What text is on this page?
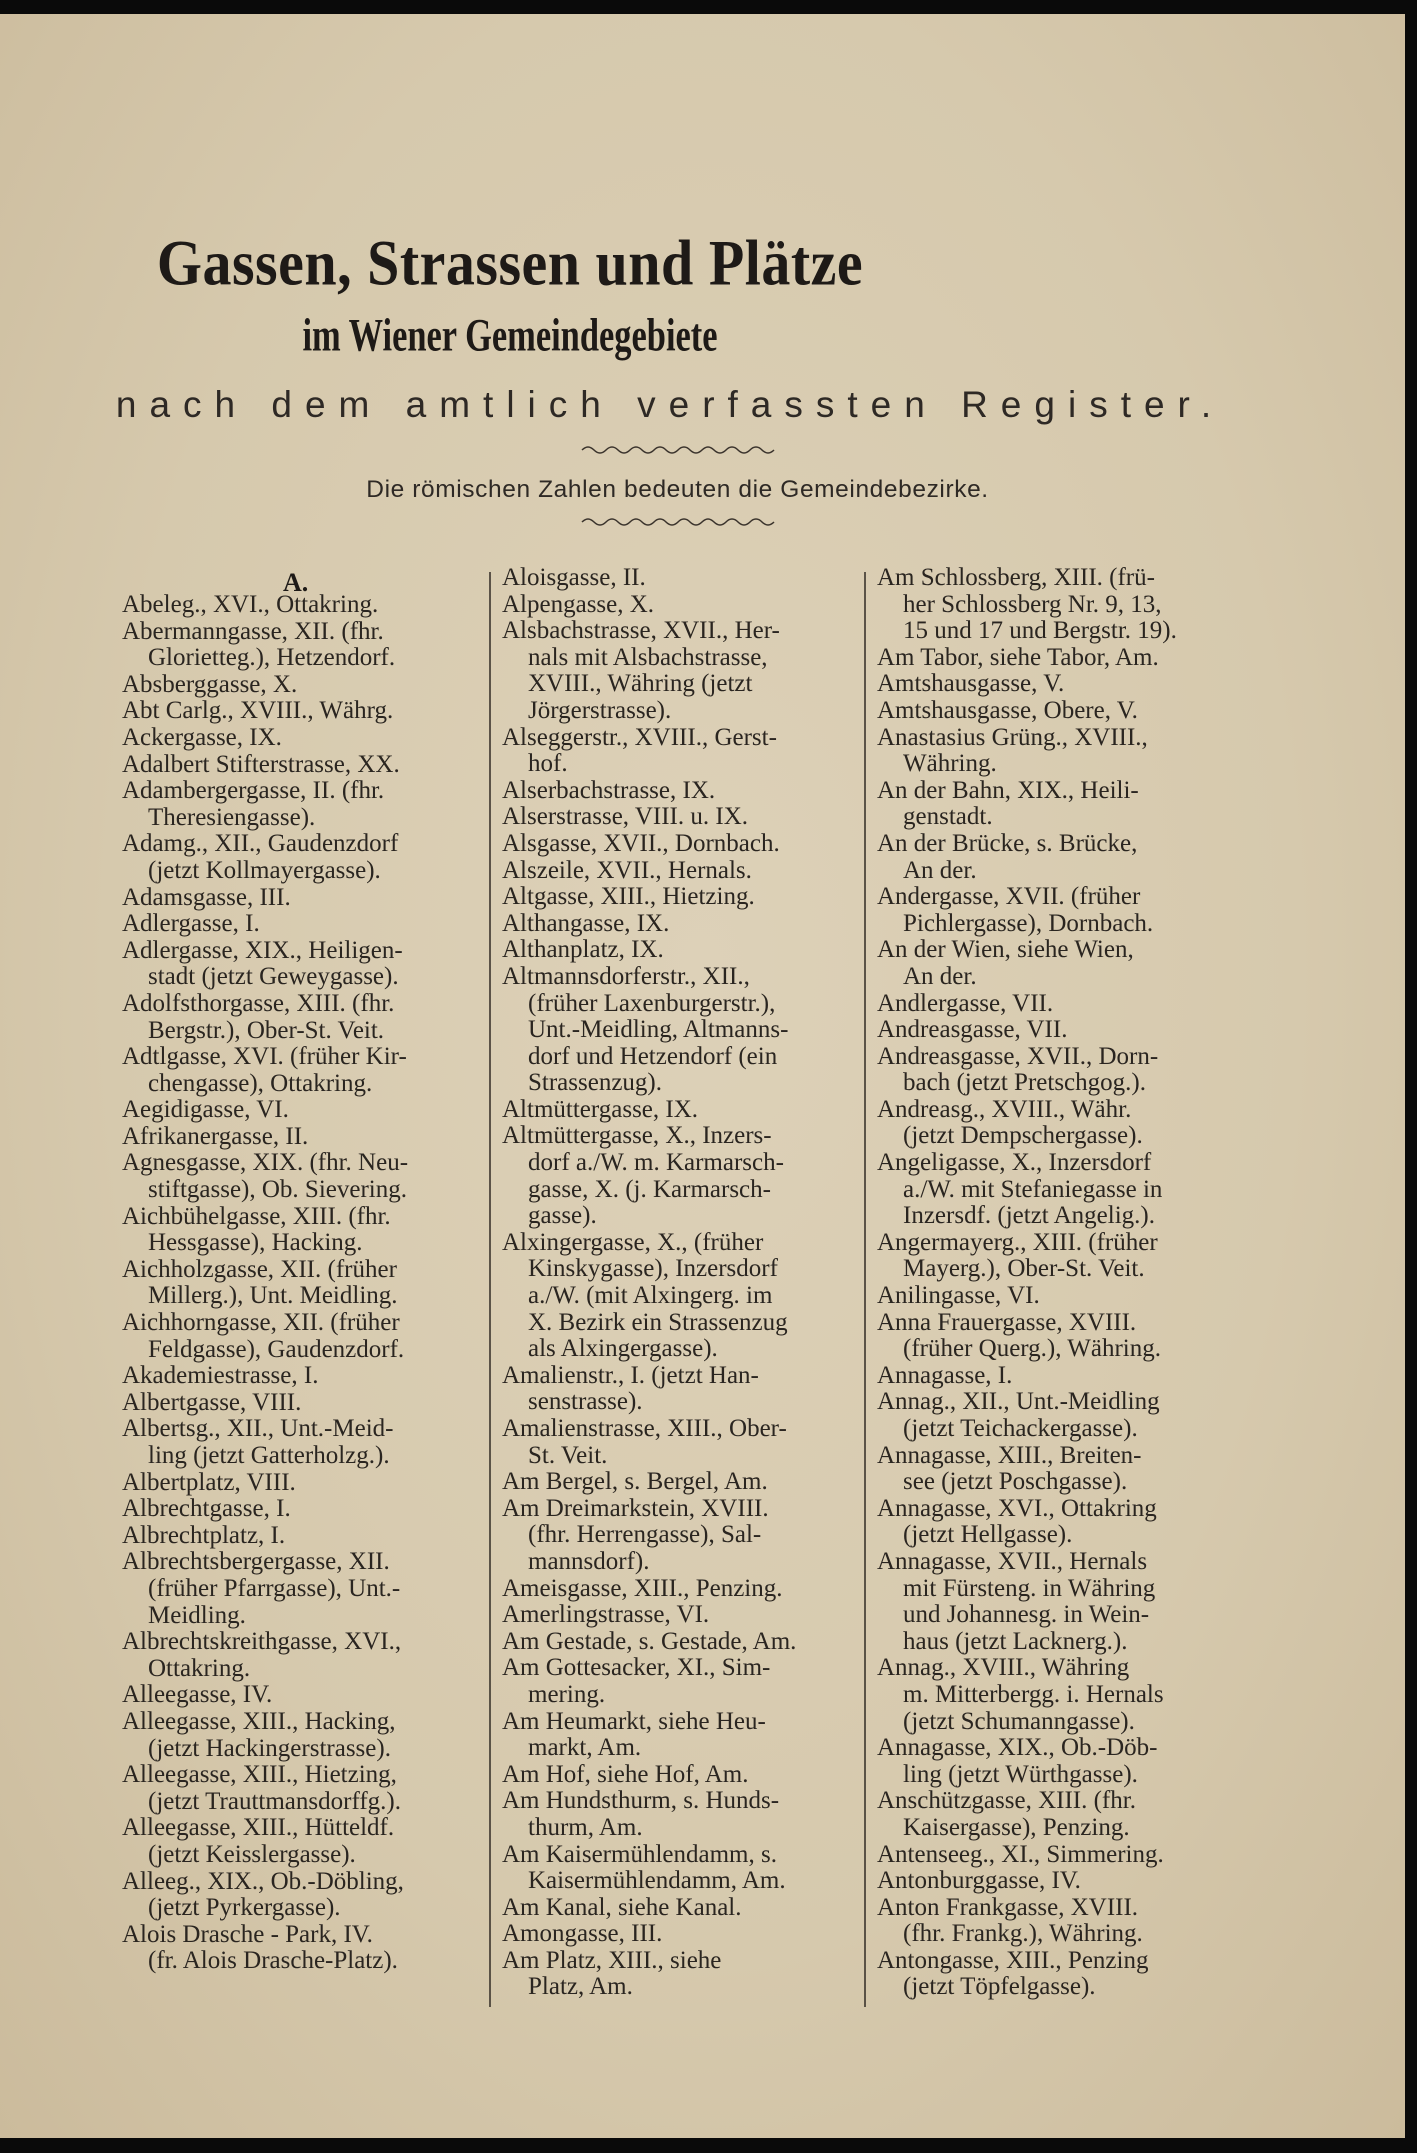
Gassen, Strassen und Plätze
im Wiener Gemeindegebiete
nach dem amtlich verfassten Register.
Die römischen Zahlen bedeuten die Gemeindebezirke.
A.
Abeleg., XVI., Ottakring.
Abermanngasse, XII. (fhr.
Glorietteg.), Hetzendorf.
Absberggasse, X.
Abt Carlg., XVIII., Währg.
Ackergasse, IX.
Adalbert Stifterstrasse, XX.
Adambergergasse, II. (fhr.
Theresiengasse).
Adamg., XII., Gaudenzdorf
(jetzt Kollmayergasse).
Adamsgasse, III.
Adlergasse, I.
Adlergasse, XIX., Heiligen-
stadt (jetzt Geweygasse).
Adolfsthorgasse, XIII. (fhr.
Bergstr.), Ober-St. Veit.
Adtlgasse, XVI. (früher Kir-
chengasse), Ottakring.
Aegidigasse, VI.
Afrikanergasse, II.
Agnesgasse, XIX. (fhr. Neu-
stiftgasse), Ob. Sievering.
Aichbühelgasse, XIII. (fhr.
Hessgasse), Hacking.
Aichholzgasse, XII. (früher
Millerg.), Unt. Meidling.
Aichhorngasse, XII. (früher
Feldgasse), Gaudenzdorf.
Akademiestrasse, I.
Albertgasse, VIII.
Albertsg., XII., Unt.-Meid-
ling (jetzt Gatterholzg.).
Albertplatz, VIII.
Albrechtgasse, I.
Albrechtplatz, I.
Albrechtsbergergasse, XII.
(früher Pfarrgasse), Unt.-
Meidling.
Albrechtskreithgasse, XVI.,
Ottakring.
Alleegasse, IV.
Alleegasse, XIII., Hacking,
(jetzt Hackingerstrasse).
Alleegasse, XIII., Hietzing,
(jetzt Trauttmansdorffg.).
Alleegasse, XIII., Hütteldf.
(jetzt Keisslergasse).
Alleeg., XIX., Ob.-Döbling,
(jetzt Pyrkergasse).
Alois Drasche - Park, IV.
(fr. Alois Drasche-Platz).
Aloisgasse, II.
Alpengasse, X.
Alsbachstrasse, XVII., Her-
nals mit Alsbachstrasse,
XVIII., Währing (jetzt
Jörgerstrasse).
Alseggerstr., XVIII., Gerst-
hof.
Alserbachstrasse, IX.
Alserstrasse, VIII. u. IX.
Alsgasse, XVII., Dornbach.
Alszeile, XVII., Hernals.
Altgasse, XIII., Hietzing.
Althangasse, IX.
Althanplatz, IX.
Altmannsdorferstr., XII.,
(früher Laxenburgerstr.),
Unt.-Meidling, Altmanns-
dorf und Hetzendorf (ein
Strassenzug).
Altmüttergasse, IX.
Altmüttergasse, X., Inzers-
dorf a./W. m. Karmarsch-
gasse, X. (j. Karmarsch-
gasse).
Alxingergasse, X., (früher
Kinskygasse), Inzersdorf
a./W. (mit Alxingerg. im
X. Bezirk ein Strassenzug
als Alxingergasse).
Amalienstr., I. (jetzt Han-
senstrasse).
Amalienstrasse, XIII., Ober-
St. Veit.
Am Bergel, s. Bergel, Am.
Am Dreimarkstein, XVIII.
(fhr. Herrengasse), Sal-
mannsdorf).
Ameisgasse, XIII., Penzing.
Amerlingstrasse, VI.
Am Gestade, s. Gestade, Am.
Am Gottesacker, XI., Sim-
mering.
Am Heumarkt, siehe Heu-
markt, Am.
Am Hof, siehe Hof, Am.
Am Hundsthurm, s. Hunds-
thurm, Am.
Am Kaisermühlendamm, s.
Kaisermühlendamm, Am.
Am Kanal, siehe Kanal.
Amongasse, III.
Am Platz, XIII., siehe
Platz, Am.
Am Schlossberg, XIII. (frü-
her Schlossberg Nr. 9, 13,
15 und 17 und Bergstr. 19).
Am Tabor, siehe Tabor, Am.
Amtshausgasse, V.
Amtshausgasse, Obere, V.
Anastasius Grüng., XVIII.,
Währing.
An der Bahn, XIX., Heili-
genstadt.
An der Brücke, s. Brücke,
An der.
Andergasse, XVII. (früher
Pichlergasse), Dornbach.
An der Wien, siehe Wien,
An der.
Andlergasse, VII.
Andreasgasse, VII.
Andreasgasse, XVII., Dorn-
bach (jetzt Pretschgog.).
Andreasg., XVIII., Währ.
(jetzt Dempschergasse).
Angeligasse, X., Inzersdorf
a./W. mit Stefaniegasse in
Inzersdf. (jetzt Angelig.).
Angermayerg., XIII. (früher
Mayerg.), Ober-St. Veit.
Anilingasse, VI.
Anna Frauergasse, XVIII.
(früher Querg.), Währing.
Annagasse, I.
Annag., XII., Unt.-Meidling
(jetzt Teichackergasse).
Annagasse, XIII., Breiten-
see (jetzt Poschgasse).
Annagasse, XVI., Ottakring
(jetzt Hellgasse).
Annagasse, XVII., Hernals
mit Fürsteng. in Währing
und Johannesg. in Wein-
haus (jetzt Lacknerg.).
Annag., XVIII., Währing
m. Mitterbergg. i. Hernals
(jetzt Schumanngasse).
Annagasse, XIX., Ob.-Döb-
ling (jetzt Würthgasse).
Anschützgasse, XIII. (fhr.
Kaisergasse), Penzing.
Antenseeg., XI., Simmering.
Antonburggasse, IV.
Anton Frankgasse, XVIII.
(fhr. Frankg.), Währing.
Antongasse, XIII., Penzing
(jetzt Töpfelgasse).
